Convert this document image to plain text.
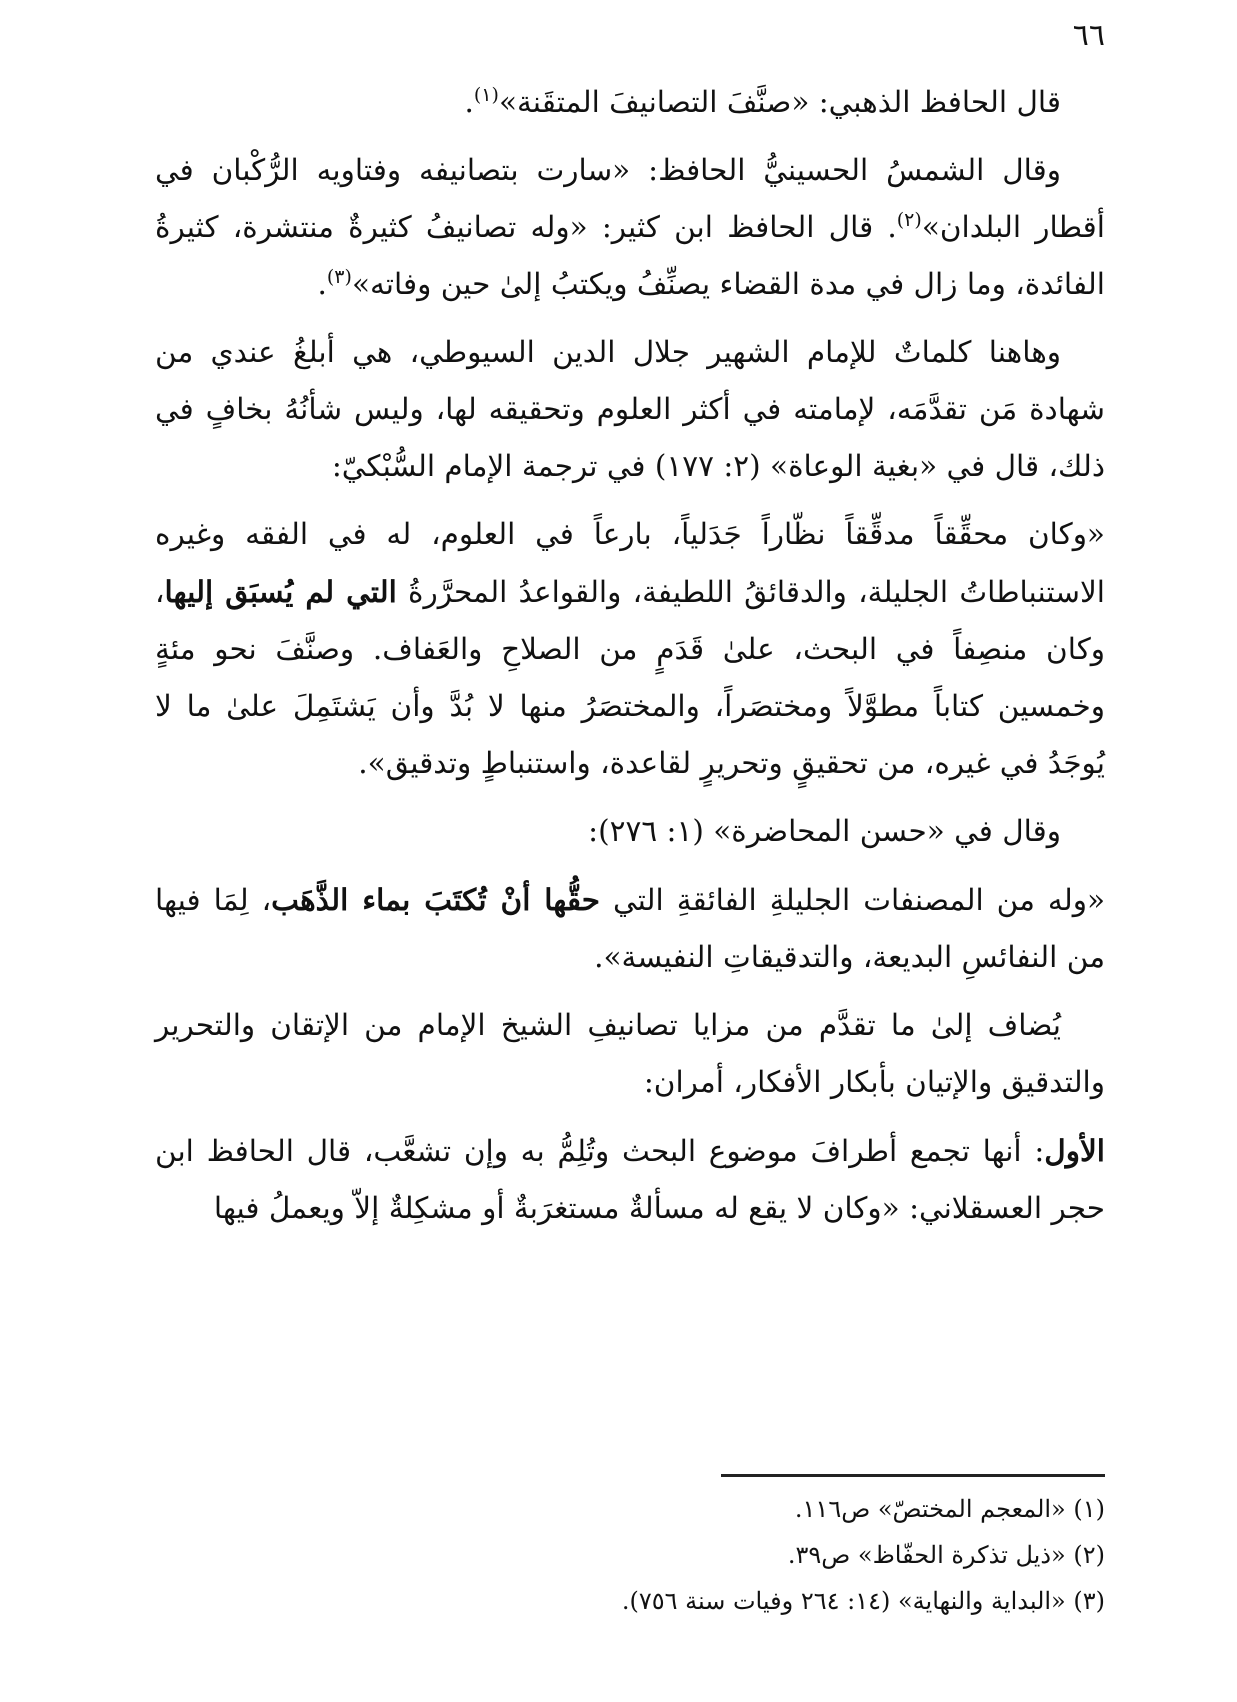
٦٦

قال الحافظ الذهبي: «صنَّفَ التصانيفَ المتقَنة»$^{(١)}$.

وقال الشمسُ الحسينيُّ الحافظ: «سارت بتصانيفه وفتاويه الرُّكْبان في أقطار البلدان»$^{(٢)}$. قال الحافظ ابن كثير: «وله تصانيفُ كثيرةٌ منتشرة، كثيرةُ الفائدة، وما زال في مدة القضاء يصنِّفُ ويكتبُ إلىٰ حين وفاته»$^{(٣)}$.

وهاهنا كلماتٌ للإمام الشهير جلال الدين السيوطي، هي أبلغُ عندي من شهادة مَن تقدَّمَه، لإمامته في أكثر العلوم وتحقيقه لها، وليس شأنُهُ بخافٍ في ذلك، قال في «بغية الوعاة» (٢: ١٧٧) في ترجمة الإمام السُّبْكيّ:

«وكان محقِّقاً مدقِّقاً نظّاراً جَدَلياً، بارعاً في العلوم، له في الفقه وغيره الاستنباطاتُ الجليلة، والدقائقُ اللطيفة، والقواعدُ المحرَّرةُ التي لم يُسبَق إليها، وكان منصِفاً في البحث، علىٰ قَدَمٍ من الصلاحِ والعَفاف. وصنَّفَ نحو مئةٍ وخمسين كتاباً مطوَّلاً ومختصَراً، والمختصَرُ منها لا بُدَّ وأن يَشتَمِلَ علىٰ ما لا يُوجَدُ في غيره، من تحقيقٍ وتحريرٍ لقاعدة، واستنباطٍ وتدقيق».

وقال في «حسن المحاضرة» (١: ٢٧٦):

«وله من المصنفات الجليلةِ الفائقةِ التي حقُّها أنْ تُكتَبَ بماء الذَّهَب، لِمَا فيها من النفائسِ البديعة، والتدقيقاتِ النفيسة».

يُضاف إلىٰ ما تقدَّم من مزايا تصانيفِ الشيخ الإمام من الإتقان والتحرير والتدقيق والإتيان بأبكار الأفكار، أمران:

الأول: أنها تجمع أطرافَ موضوع البحث وتُلِمُّ به وإن تشعَّب، قال الحافظ ابن حجر العسقلاني: «وكان لا يقع له مسألةٌ مستغرَبةٌ أو مشكِلةٌ إلاّ ويعملُ فيها

(١) «المعجم المختصّ» ص١١٦.

(٢) «ذيل تذكرة الحفّاظ» ص٣٩.

(٣) «البداية والنهاية» (١٤: ٢٦٤ وفيات سنة ٧٥٦).
